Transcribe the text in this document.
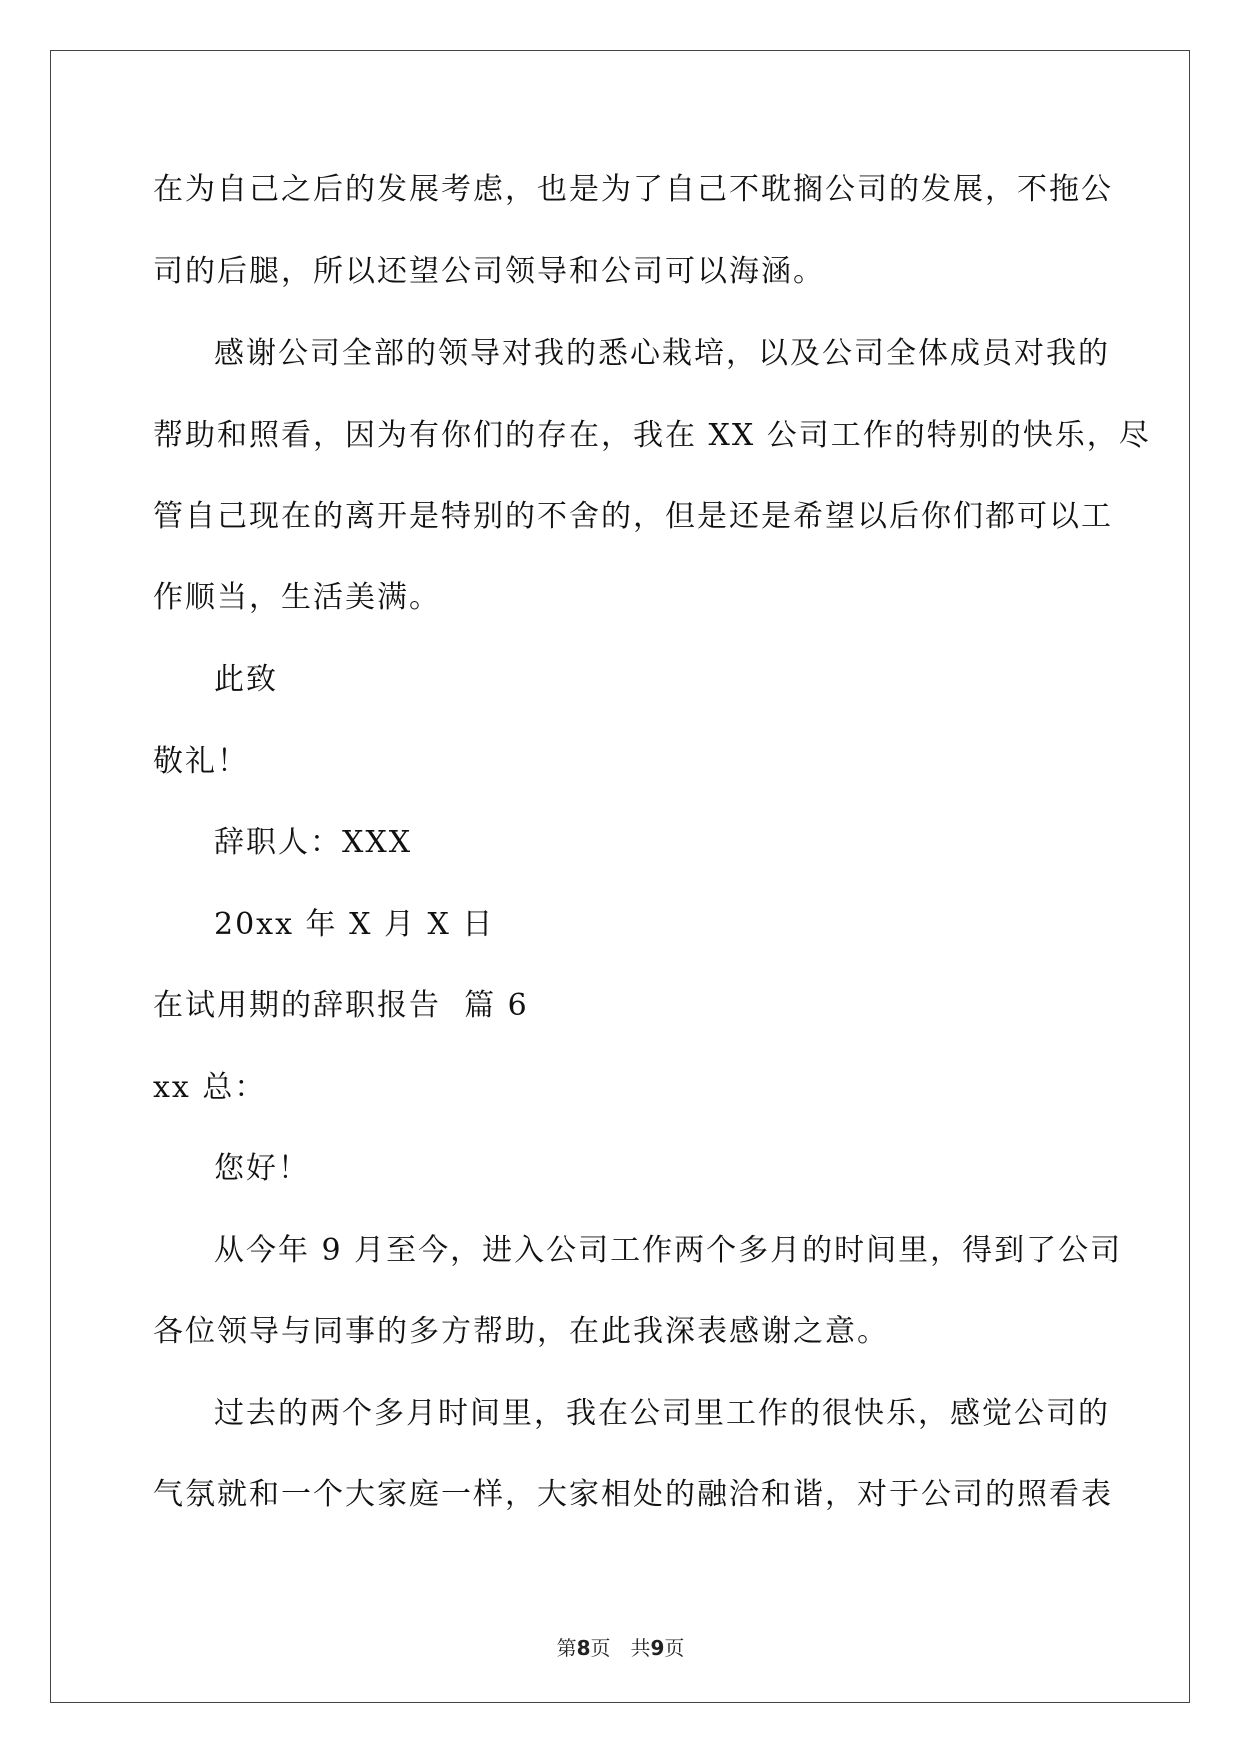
在为自己之后的发展考虑，也是为了自己不耽搁公司的发展，不拖公
司的后腿，所以还望公司领导和公司可以海涵。
感谢公司全部的领导对我的悉心栽培，以及公司全体成员对我的
帮助和照看，因为有你们的存在，我在 XX 公司工作的特别的快乐，尽
管自己现在的离开是特别的不舍的，但是还是希望以后你们都可以工
作顺当，生活美满。
此致
敬礼！
辞职人：XXX
20xx 年 X 月 X 日
在试用期的辞职报告  篇 6
xx 总：
您好！
从今年 9 月至今，进入公司工作两个多月的时间里，得到了公司
各位领导与同事的多方帮助，在此我深表感谢之意。
过去的两个多月时间里，我在公司里工作的很快乐，感觉公司的
气氛就和一个大家庭一样，大家相处的融洽和谐，对于公司的照看表
第8页 共9页
